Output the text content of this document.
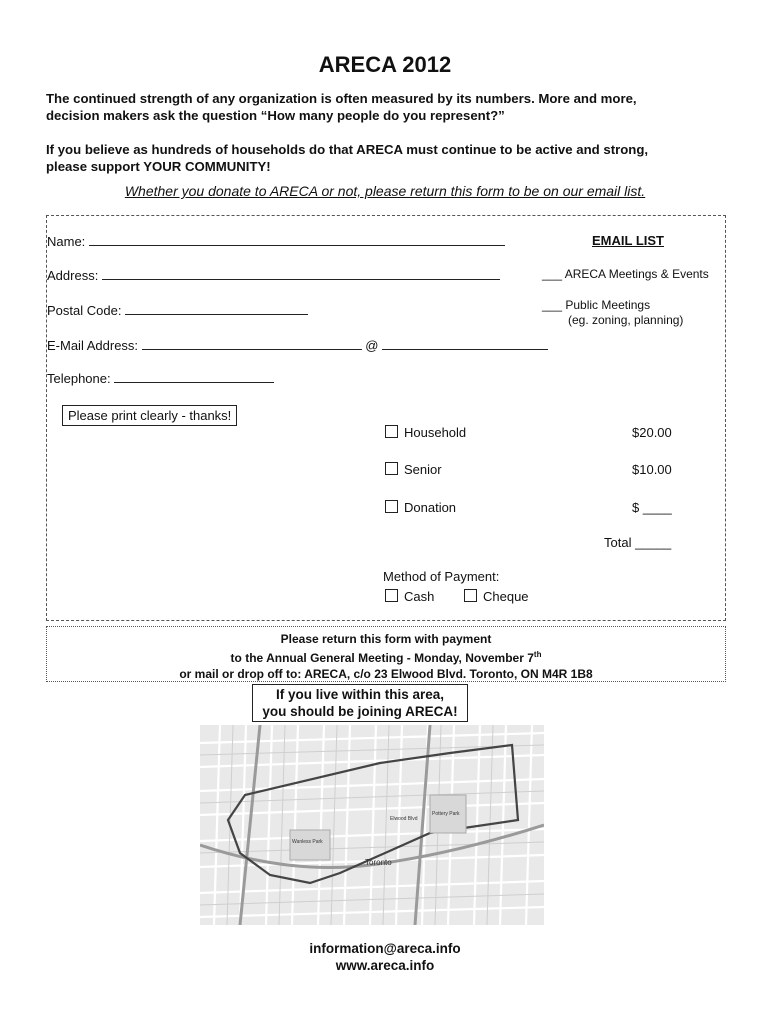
ARECA 2012
The continued strength of any organization is often measured by its numbers. More and more,
decision makers ask the question “How many people do you represent?”
If you believe as hundreds of households do that ARECA must continue to be active and strong,
please support YOUR COMMUNITY!
Whether you donate to ARECA or not, please return this form to be on our email list.
Name:
Address:
Postal Code:
E-Mail Address:	@
Telephone:
Please print clearly - thanks!
EMAIL LIST
___ ARECA Meetings & Events
___ Public Meetings
(eg. zoning, planning)
Household	$20.00
Senior	$10.00
Donation	$ ____
Total _____
Method of Payment:
Cash	Cheque
Please return this form with payment
to the Annual General Meeting - Monday, November 7th
or mail or drop off to: ARECA, c/o 23 Elwood Blvd. Toronto, ON M4R 1B8
If you live within this area,
you should be joining ARECA!
Toronto
Elwood Blvd
Pottery Park
Wanless Park
information@areca.info
www.areca.info
